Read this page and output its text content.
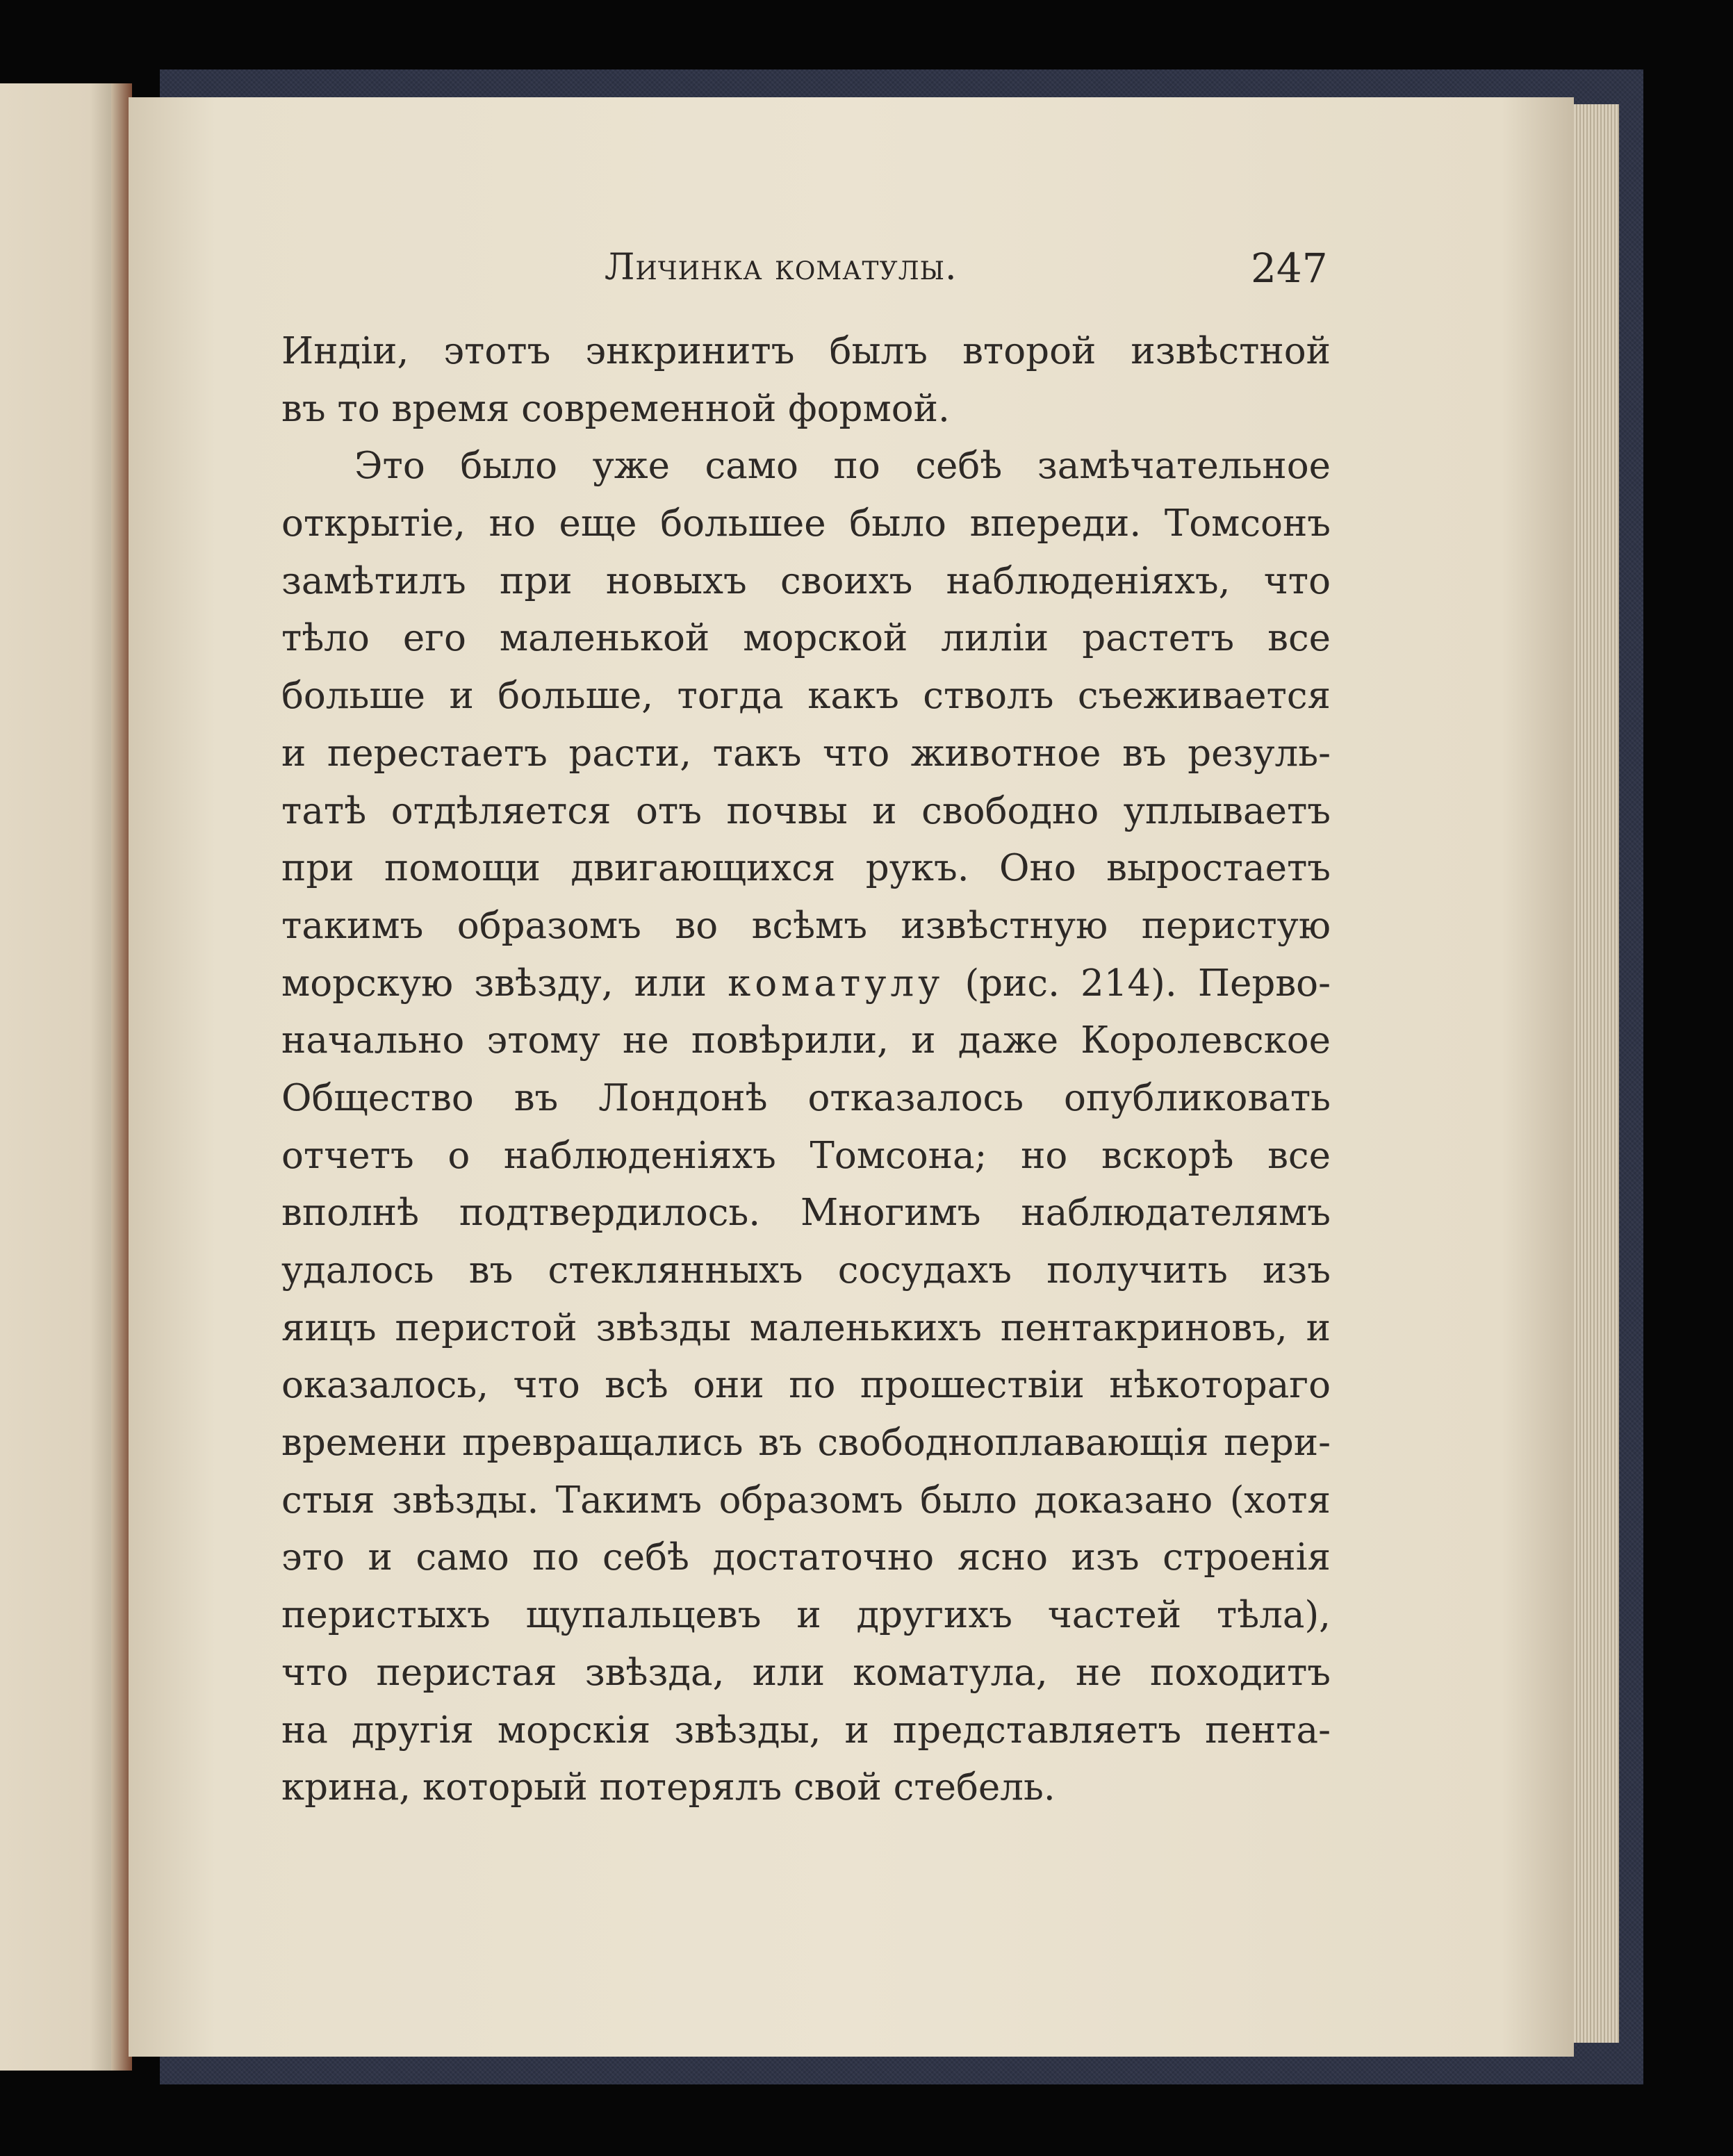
Личинка коматулы.	247
Индіи, этотъ энкринитъ былъ второй извѣстной
въ то время современной формой.
Это было уже само по себѣ замѣчательное
открытіе, но еще большее было впереди. Томсонъ
замѣтилъ при новыхъ своихъ наблюденіяхъ, что
тѣло его маленькой морской лиліи растетъ все
больше и больше, тогда какъ стволъ съеживается
и перестаетъ расти, такъ что животное въ резуль-
татѣ отдѣляется отъ почвы и свободно уплываетъ
при помощи двигающихся рукъ. Оно выростаетъ
такимъ образомъ во всѣмъ извѣстную перистую
морскую звѣзду, или коматулу (рис. 214). Перво-
начально этому не повѣрили, и даже Королевское
Общество въ Лондонѣ отказалось опубликовать
отчетъ о наблюденіяхъ Томсона; но вскорѣ все
вполнѣ подтвердилось. Многимъ наблюдателямъ
удалось въ стеклянныхъ сосудахъ получить изъ
яицъ перистой звѣзды маленькихъ пентакриновъ, и
оказалось, что всѣ они по прошествіи нѣкотораго
времени превращались въ свободноплавающія пери-
стыя звѣзды. Такимъ образомъ было доказано (хотя
это и само по себѣ достаточно ясно изъ строенія
перистыхъ щупальцевъ и другихъ частей тѣла),
что перистая звѣзда, или коматула, не походитъ
на другія морскія звѣзды, и представляетъ пента-
крина, который потерялъ свой стебель.
